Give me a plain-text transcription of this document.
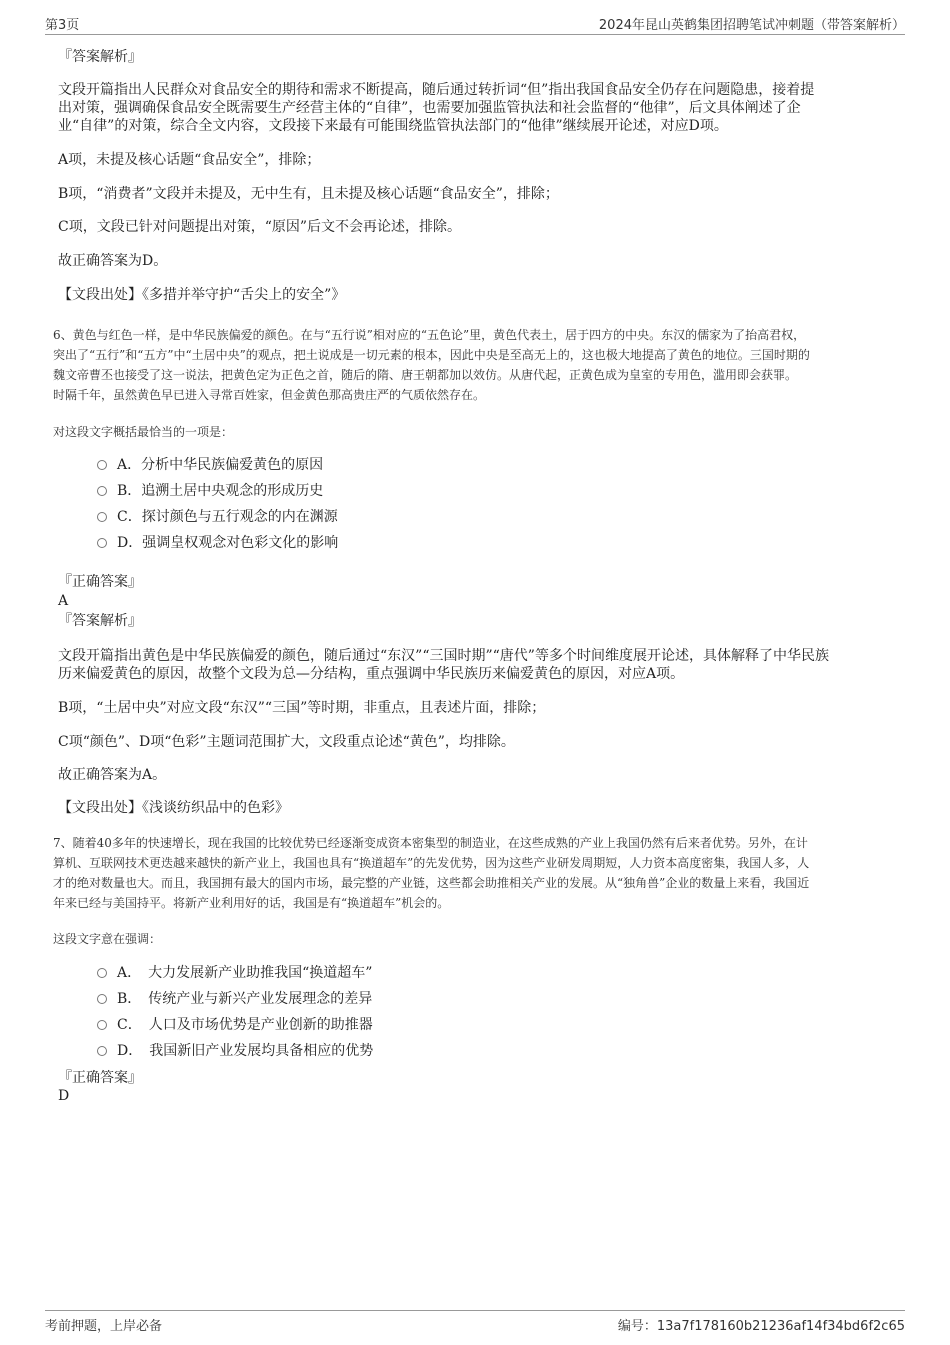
第3页	2024年昆山英鹤集团招聘笔试冲刺题（带答案解析）
『答案解析』
文段开篇指出人民群众对食品安全的期待和需求不断提高，随后通过转折词“但”指出我国食品安全仍存在问题隐患，接着提
出对策，强调确保食品安全既需要生产经营主体的“自律”，也需要加强监管执法和社会监督的“他律”，后文具体阐述了企
业“自律”的对策，综合全文内容，文段接下来最有可能围绕监管执法部门的“他律”继续展开论述，对应D项。
A项，未提及核心话题“食品安全”，排除；
B项，“消费者”文段并未提及，无中生有，且未提及核心话题“食品安全”，排除；
C项，文段已针对问题提出对策，“原因”后文不会再论述，排除。
故正确答案为D。
【文段出处】《多措并举守护“舌尖上的安全”》
6、黄色与红色一样，是中华民族偏爱的颜色。在与“五行说”相对应的“五色论”里，黄色代表土，居于四方的中央。东汉的儒家为了抬高君权，
突出了“五行”和“五方”中“土居中央”的观点，把土说成是一切元素的根本，因此中央是至高无上的，这也极大地提高了黄色的地位。三国时期的
魏文帝曹丕也接受了这一说法，把黄色定为正色之首，随后的隋、唐王朝都加以效仿。从唐代起，正黄色成为皇室的专用色，滥用即会获罪。
时隔千年，虽然黄色早已进入寻常百姓家，但金黄色那高贵庄严的气质依然存在。
对这段文字概括最恰当的一项是：
A．分析中华民族偏爱黄色的原因
B．追溯土居中央观念的形成历史
C．探讨颜色与五行观念的内在渊源
D．强调皇权观念对色彩文化的影响
『正确答案』
A
『答案解析』
文段开篇指出黄色是中华民族偏爱的颜色，随后通过“东汉”“三国时期”“唐代”等多个时间维度展开论述，具体解释了中华民族
历来偏爱黄色的原因，故整个文段为总—分结构，重点强调中华民族历来偏爱黄色的原因，对应A项。
B项，“土居中央”对应文段“东汉”“三国”等时期，非重点，且表述片面，排除；
C项“颜色”、D项“色彩”主题词范围扩大，文段重点论述“黄色”，均排除。
故正确答案为A。
【文段出处】《浅谈纺织品中的色彩》
7、随着40多年的快速增长，现在我国的比较优势已经逐渐变成资本密集型的制造业，在这些成熟的产业上我国仍然有后来者优势。另外，在计
算机、互联网技术更迭越来越快的新产业上，我国也具有“换道超车”的先发优势，因为这些产业研发周期短，人力资本高度密集，我国人多，人
才的绝对数量也大。而且，我国拥有最大的国内市场，最完整的产业链，这些都会助推相关产业的发展。从“独角兽”企业的数量上来看，我国近
年来已经与美国持平。将新产业利用好的话，我国是有“换道超车”机会的。
这段文字意在强调：
A．　大力发展新产业助推我国“换道超车”
B．　传统产业与新兴产业发展理念的差异
C．　人口及市场优势是产业创新的助推器
D．　我国新旧产业发展均具备相应的优势
『正确答案』
D
考前押题，上岸必备	编号：13a7f178160b21236af14f34bd6f2c65
